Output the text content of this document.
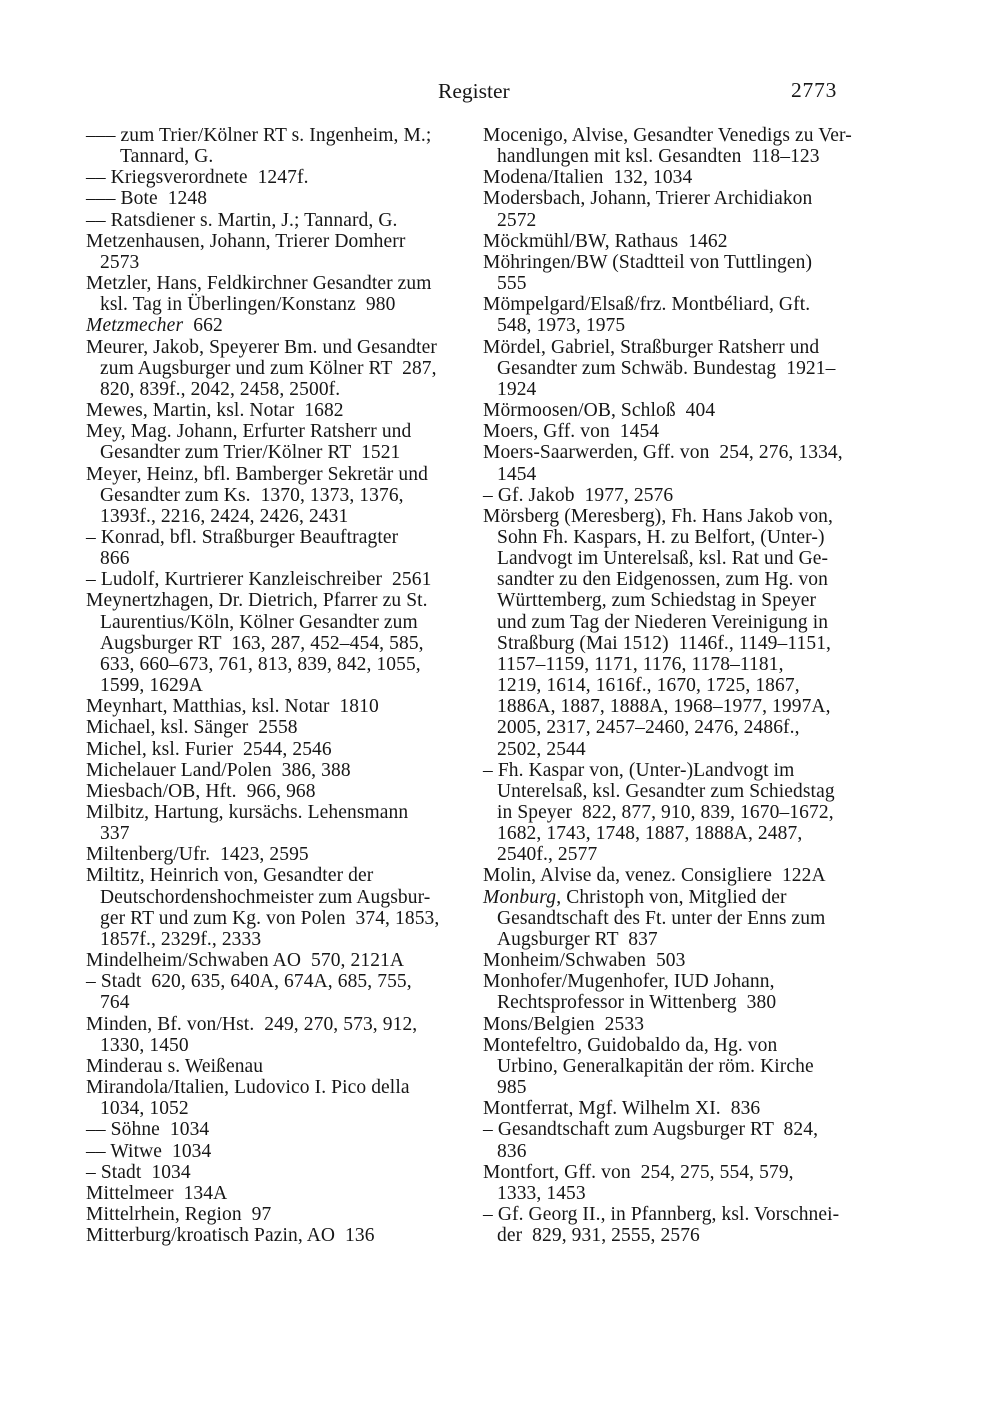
Register	2773
––– zum Trier/Kölner RT s. Ingenheim, M.;
Tannard, G.
–– Kriegsverordnete  1247f.
––– Bote  1248
–– Ratsdiener s. Martin, J.; Tannard, G.
Metzenhausen, Johann, Trierer Domherr
2573
Metzler, Hans, Feldkirchner Gesandter zum
ksl. Tag in Überlingen/Konstanz  980
Metzmecher  662
Meurer, Jakob, Speyerer Bm. und Gesandter
zum Augsburger und zum Kölner RT  287,
820, 839f., 2042, 2458, 2500f.
Mewes, Martin, ksl. Notar  1682
Mey, Mag. Johann, Erfurter Ratsherr und
Gesandter zum Trier/Kölner RT  1521
Meyer, Heinz, bfl. Bamberger Sekretär und
Gesandter zum Ks.  1370, 1373, 1376,
1393f., 2216, 2424, 2426, 2431
– Konrad, bfl. Straßburger Beauftragter
866
– Ludolf, Kurtrierer Kanzleischreiber  2561
Meynertzhagen, Dr. Dietrich, Pfarrer zu St.
Laurentius/Köln, Kölner Gesandter zum
Augsburger RT  163, 287, 452–454, 585,
633, 660–673, 761, 813, 839, 842, 1055,
1599, 1629A
Meynhart, Matthias, ksl. Notar  1810
Michael, ksl. Sänger  2558
Michel, ksl. Furier  2544, 2546
Michelauer Land/Polen  386, 388
Miesbach/OB, Hft.  966, 968
Milbitz, Hartung, kursächs. Lehensmann
337
Miltenberg/Ufr.  1423, 2595
Miltitz, Heinrich von, Gesandter der
Deutschordenshochmeister zum Augsbur-
ger RT und zum Kg. von Polen  374, 1853,
1857f., 2329f., 2333
Mindelheim/Schwaben AO  570, 2121A
– Stadt  620, 635, 640A, 674A, 685, 755,
764
Minden, Bf. von/Hst.  249, 270, 573, 912,
1330, 1450
Minderau s. Weißenau
Mirandola/Italien, Ludovico I. Pico della
1034, 1052
–– Söhne  1034
–– Witwe  1034
– Stadt  1034
Mittelmeer  134A
Mittelrhein, Region  97
Mitterburg/kroatisch Pazin, AO  136
Mocenigo, Alvise, Gesandter Venedigs zu Ver-
handlungen mit ksl. Gesandten  118–123
Modena/Italien  132, 1034
Modersbach, Johann, Trierer Archidiakon
2572
Möckmühl/BW, Rathaus  1462
Möhringen/BW (Stadtteil von Tuttlingen)
555
Mömpelgard/Elsaß/frz. Montbéliard, Gft.
548, 1973, 1975
Mördel, Gabriel, Straßburger Ratsherr und
Gesandter zum Schwäb. Bundestag  1921–
1924
Mörmoosen/OB, Schloß  404
Moers, Gff. von  1454
Moers-Saarwerden, Gff. von  254, 276, 1334,
1454
– Gf. Jakob  1977, 2576
Mörsberg (Meresberg), Fh. Hans Jakob von,
Sohn Fh. Kaspars, H. zu Belfort, (Unter-)
Landvogt im Unterelsaß, ksl. Rat und Ge-
sandter zu den Eidgenossen, zum Hg. von
Württemberg, zum Schiedstag in Speyer
und zum Tag der Niederen Vereinigung in
Straßburg (Mai 1512)  1146f., 1149–1151,
1157–1159, 1171, 1176, 1178–1181,
1219, 1614, 1616f., 1670, 1725, 1867,
1886A, 1887, 1888A, 1968–1977, 1997A,
2005, 2317, 2457–2460, 2476, 2486f.,
2502, 2544
– Fh. Kaspar von, (Unter-)Landvogt im
Unterelsaß, ksl. Gesandter zum Schiedstag
in Speyer  822, 877, 910, 839, 1670–1672,
1682, 1743, 1748, 1887, 1888A, 2487,
2540f., 2577
Molin, Alvise da, venez. Consigliere  122A
Monburg, Christoph von, Mitglied der
Gesandtschaft des Ft. unter der Enns zum
Augsburger RT  837
Monheim/Schwaben  503
Monhofer/Mugenhofer, IUD Johann,
Rechtsprofessor in Wittenberg  380
Mons/Belgien  2533
Montefeltro, Guidobaldo da, Hg. von
Urbino, Generalkapitän der röm. Kirche
985
Montferrat, Mgf. Wilhelm XI.  836
– Gesandtschaft zum Augsburger RT  824,
836
Montfort, Gff. von  254, 275, 554, 579,
1333, 1453
– Gf. Georg II., in Pfannberg, ksl. Vorschnei-
der  829, 931, 2555, 2576
